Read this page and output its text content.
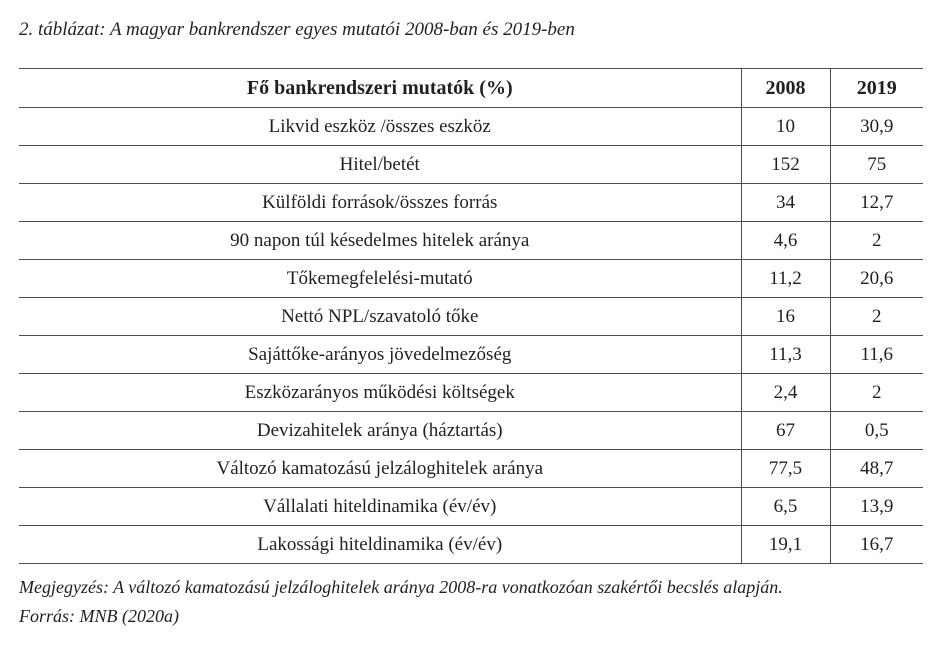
2. táblázat: A magyar bankrendszer egyes mutatói 2008-ban és 2019-ben
Fő bankrendszeri mutatók (%)	2008	2019
Likvid eszköz /összes eszköz	10	30,9
Hitel/betét	152	75
Külföldi források/összes forrás	34	12,7
90 napon túl késedelmes hitelek aránya	4,6	2
Tőkemegfelelési-mutató	11,2	20,6
Nettó NPL/szavatoló tőke	16	2
Sajáttőke-arányos jövedelmezőség	11,3	11,6
Eszközarányos működési költségek	2,4	2
Devizahitelek aránya (háztartás)	67	0,5
Változó kamatozású jelzáloghitelek aránya	77,5	48,7
Vállalati hiteldinamika (év/év)	6,5	13,9
Lakossági hiteldinamika (év/év)	19,1	16,7
Megjegyzés: A változó kamatozású jelzáloghitelek aránya 2008-ra vonatkozóan szakértői becslés alapján.
Forrás: MNB (2020a)
